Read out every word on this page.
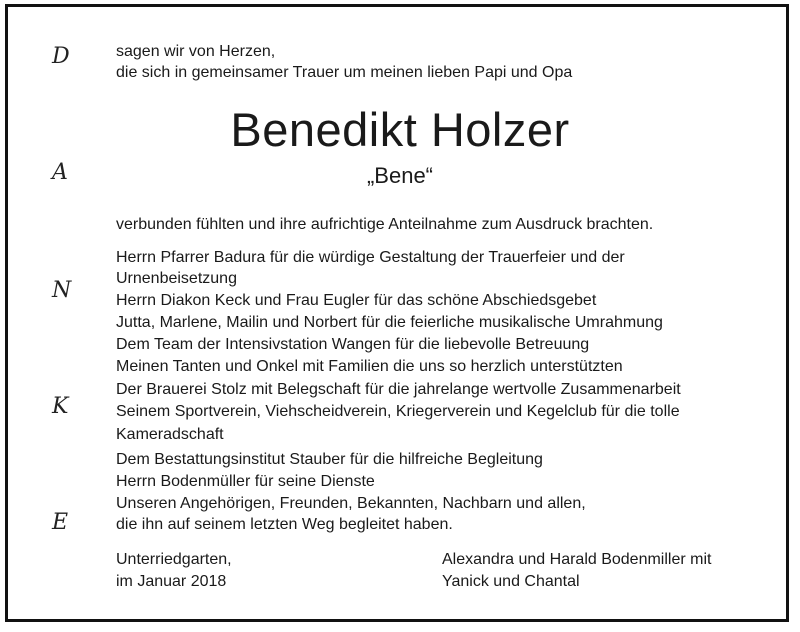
D
A
N
K
E
sagen wir von Herzen,
die sich in gemeinsamer Trauer um meinen lieben Papi und Opa
Benedikt Holzer
„Bene“
verbunden fühlten und ihre aufrichtige Anteilnahme zum Ausdruck brachten.
Herrn Pfarrer Badura für die würdige Gestaltung der Trauerfeier und der
Urnenbeisetzung
Herrn Diakon Keck und Frau Eugler für das schöne Abschiedsgebet
Jutta, Marlene, Mailin und Norbert für die feierliche musikalische Umrahmung
Dem Team der Intensivstation Wangen für die liebevolle Betreuung
Meinen Tanten und Onkel mit Familien die uns so herzlich unterstützten
Der Brauerei Stolz mit Belegschaft für die jahrelange wertvolle Zusammenarbeit
Seinem Sportverein, Viehscheidverein, Kriegerverein und Kegelclub für die tolle
Kameradschaft
Dem Bestattungsinstitut Stauber für die hilfreiche Begleitung
Herrn Bodenmüller für seine Dienste
Unseren Angehörigen, Freunden, Bekannten, Nachbarn und allen,
die ihn auf seinem letzten Weg begleitet haben.
Unterriedgarten,
im Januar 2018
Alexandra und Harald Bodenmiller mit
Yanick und Chantal
